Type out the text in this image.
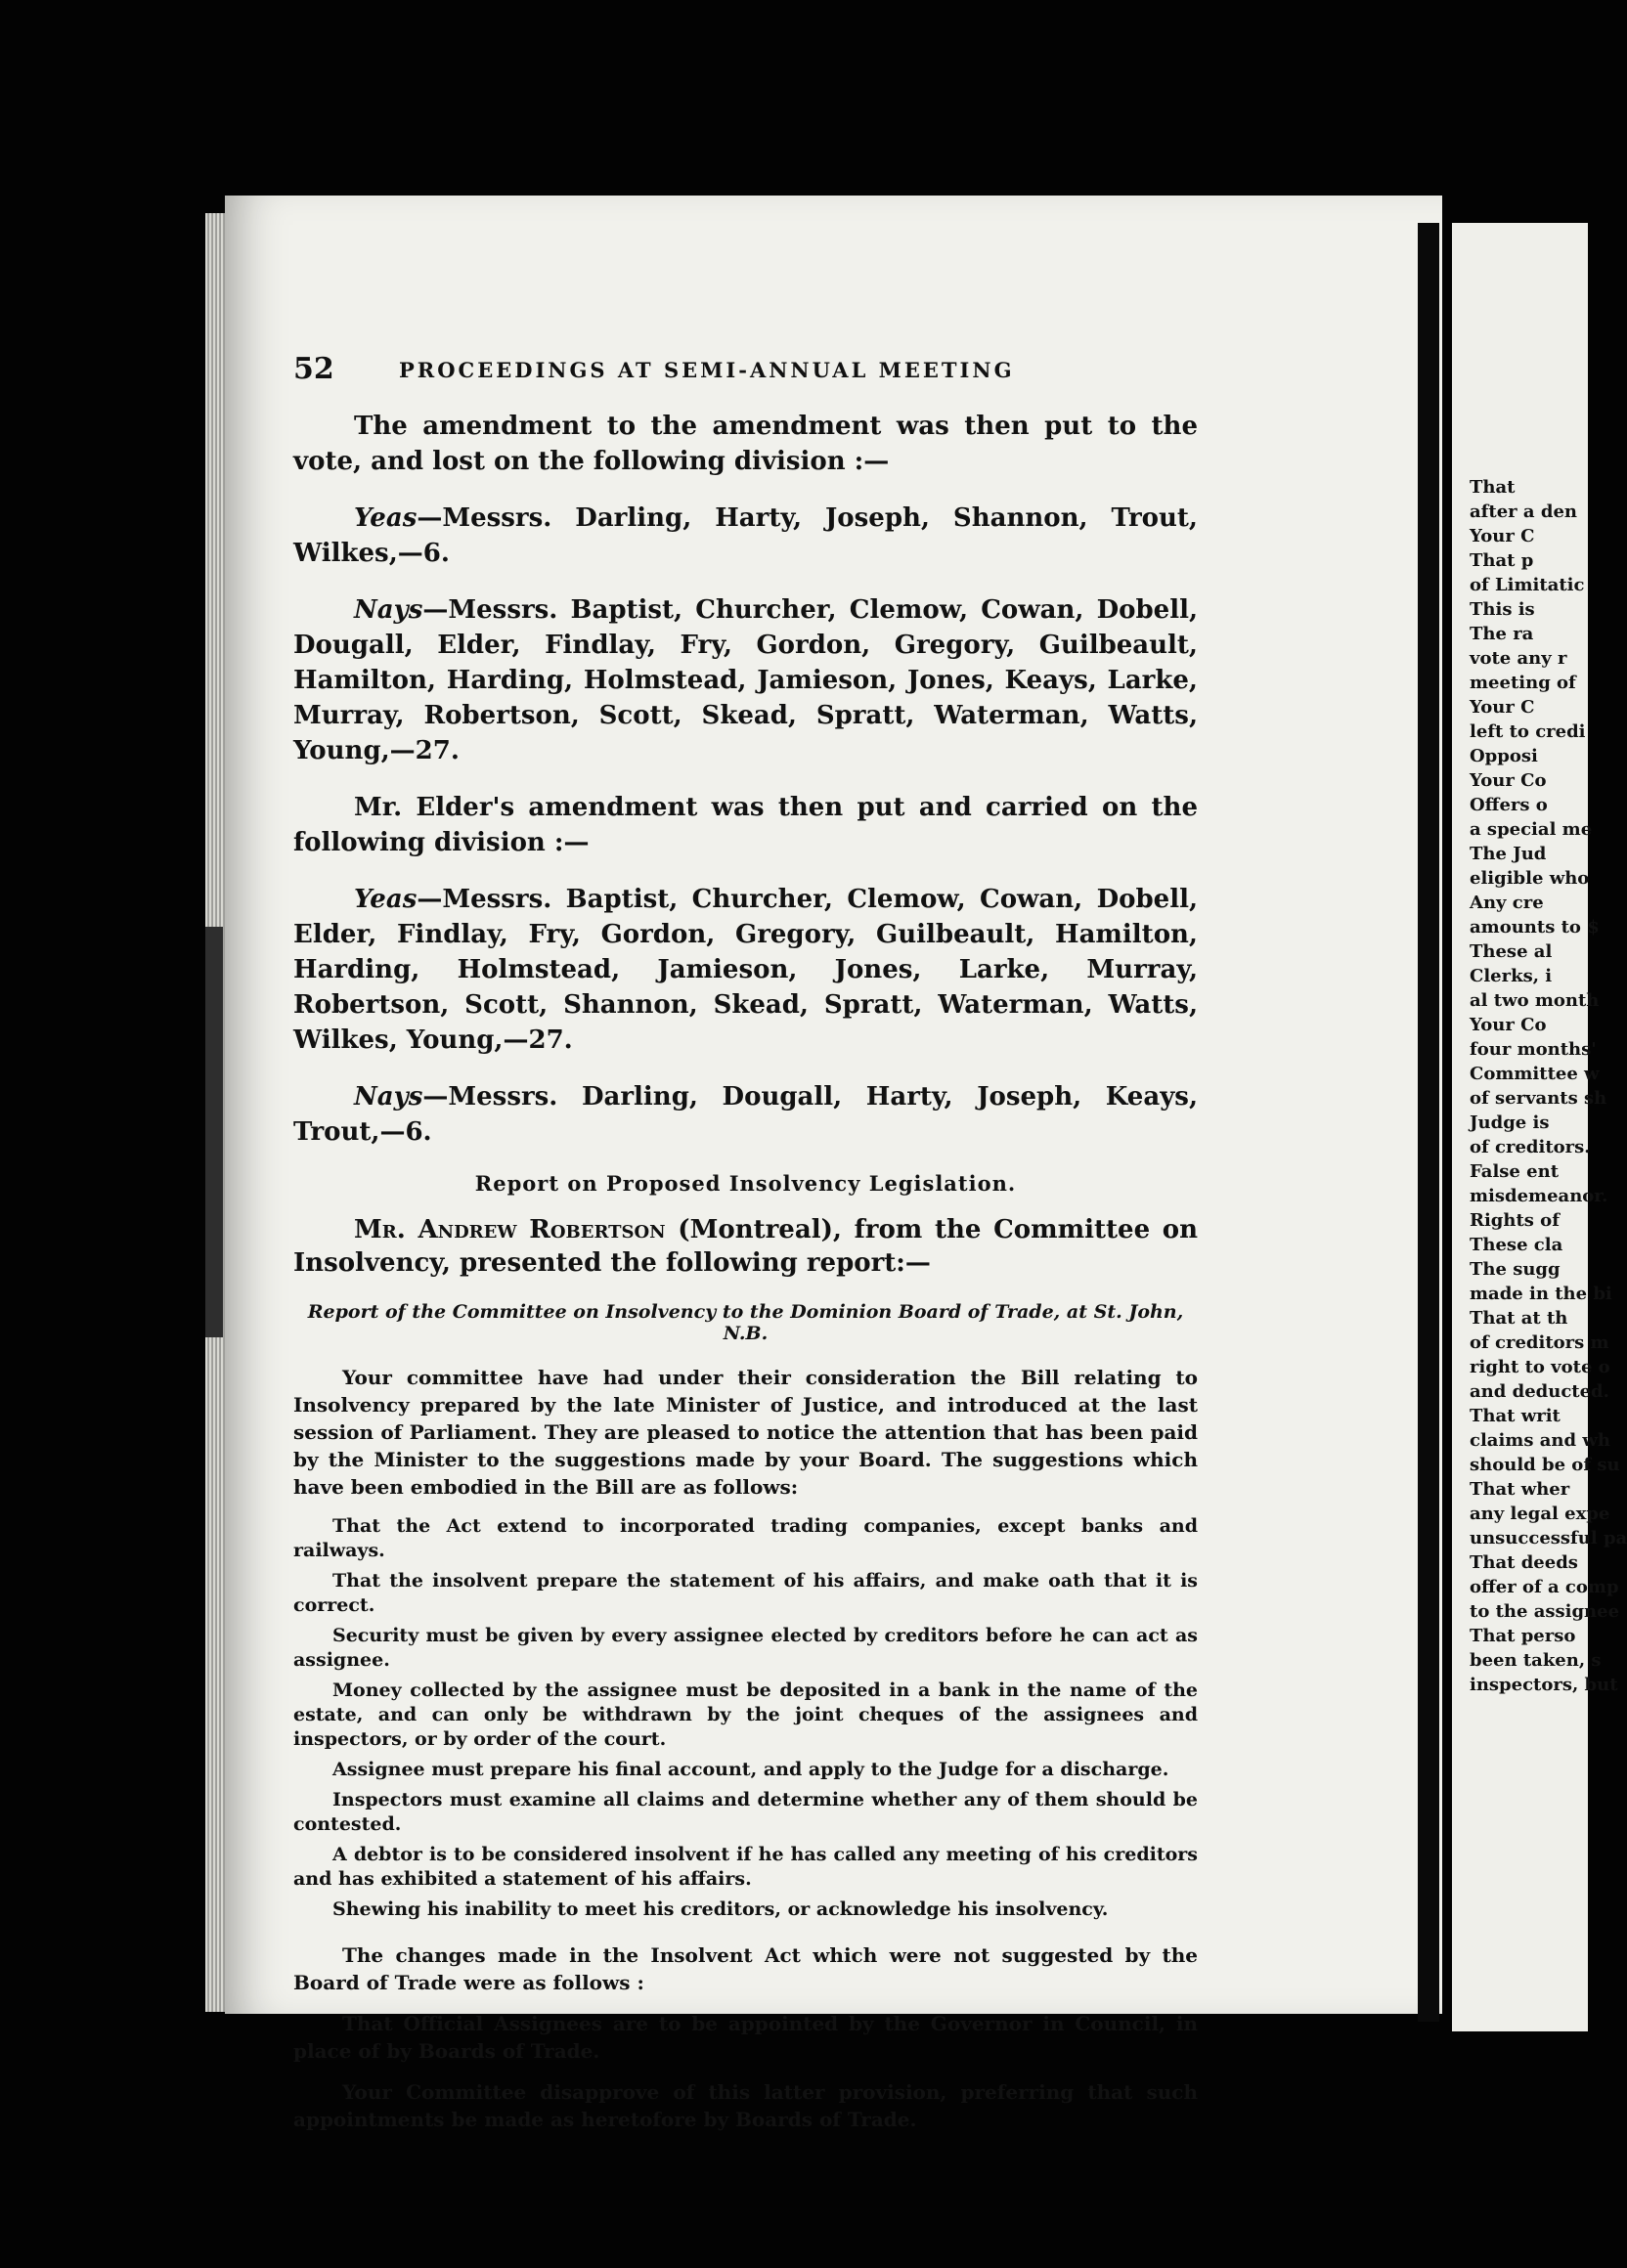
52	PROCEEDINGS AT SEMI-ANNUAL MEETING

The amendment to the amendment was then put to the vote, and lost on the following division :—

Yeas—Messrs. Darling, Harty, Joseph, Shannon, Trout, Wilkes,—6.

Nays—Messrs. Baptist, Churcher, Clemow, Cowan, Dobell, Dougall, Elder, Findlay, Fry, Gordon, Gregory, Guilbeault, Hamilton, Harding, Holmstead, Jamieson, Jones, Keays, Larke, Murray, Robertson, Scott, Skead, Spratt, Waterman, Watts, Young,—27.

Mr. Elder's amendment was then put and carried on the following division :—

Yeas—Messrs. Baptist, Churcher, Clemow, Cowan, Dobell, Elder, Findlay, Fry, Gordon, Gregory, Guilbeault, Hamilton, Harding, Holmstead, Jamieson, Jones, Larke, Murray, Robertson, Scott, Shannon, Skead, Spratt, Waterman, Watts, Wilkes, Young,—27.

Nays—Messrs. Darling, Dougall, Harty, Joseph, Keays, Trout,—6.

Report on Proposed Insolvency Legislation.

Mr. Andrew Robertson (Montreal), from the Committee on Insolvency, presented the following report:—

Report of the Committee on Insolvency to the Dominion Board of Trade, at St. John, N.B.

Your committee have had under their consideration the Bill relating to Insolvency prepared by the late Minister of Justice, and introduced at the last session of Parliament. They are pleased to notice the attention that has been paid by the Minister to the suggestions made by your Board. The suggestions which have been embodied in the Bill are as follows:

That the Act extend to incorporated trading companies, except banks and railways.

That the insolvent prepare the statement of his affairs, and make oath that it is correct.

Security must be given by every assignee elected by creditors before he can act as assignee.

Money collected by the assignee must be deposited in a bank in the name of the estate, and can only be withdrawn by the joint cheques of the assignees and inspectors, or by order of the court.

Assignee must prepare his final account, and apply to the Judge for a discharge.

Inspectors must examine all claims and determine whether any of them should be contested.

A debtor is to be considered insolvent if he has called any meeting of his creditors and has exhibited a statement of his affairs.

Shewing his inability to meet his creditors, or acknowledge his insolvency.

The changes made in the Insolvent Act which were not suggested by the Board of Trade were as follows :

That Official Assignees are to be appointed by the Governor in Council, in place of by Boards of Trade.

Your Committee disapprove of this latter provision, preferring that such appointments be made as heretofore by Boards of Trade.

That
after a den
Your C
That p
of Limitatic
This is
The ra
vote any r
meeting of
Your C
left to credi
Opposi
Your Co
Offers o
a special me
The Jud
eligible who
Any cre
amounts to $
These al
Clerks, i
al two month
Your Co
four months'
Committee w
of servants sh
Judge is
of creditors.
False ent
misdemeanor.
Rights of
These cla
The sugg
made in the bi
That at th
of creditors m
right to vote o
and deducted.
That writ
claims and wh
should be of su
That wher
any legal expe
unsuccessful pa
That deeds
offer of a comp
to the assignee
That perso
been taken, s
inspectors, but
